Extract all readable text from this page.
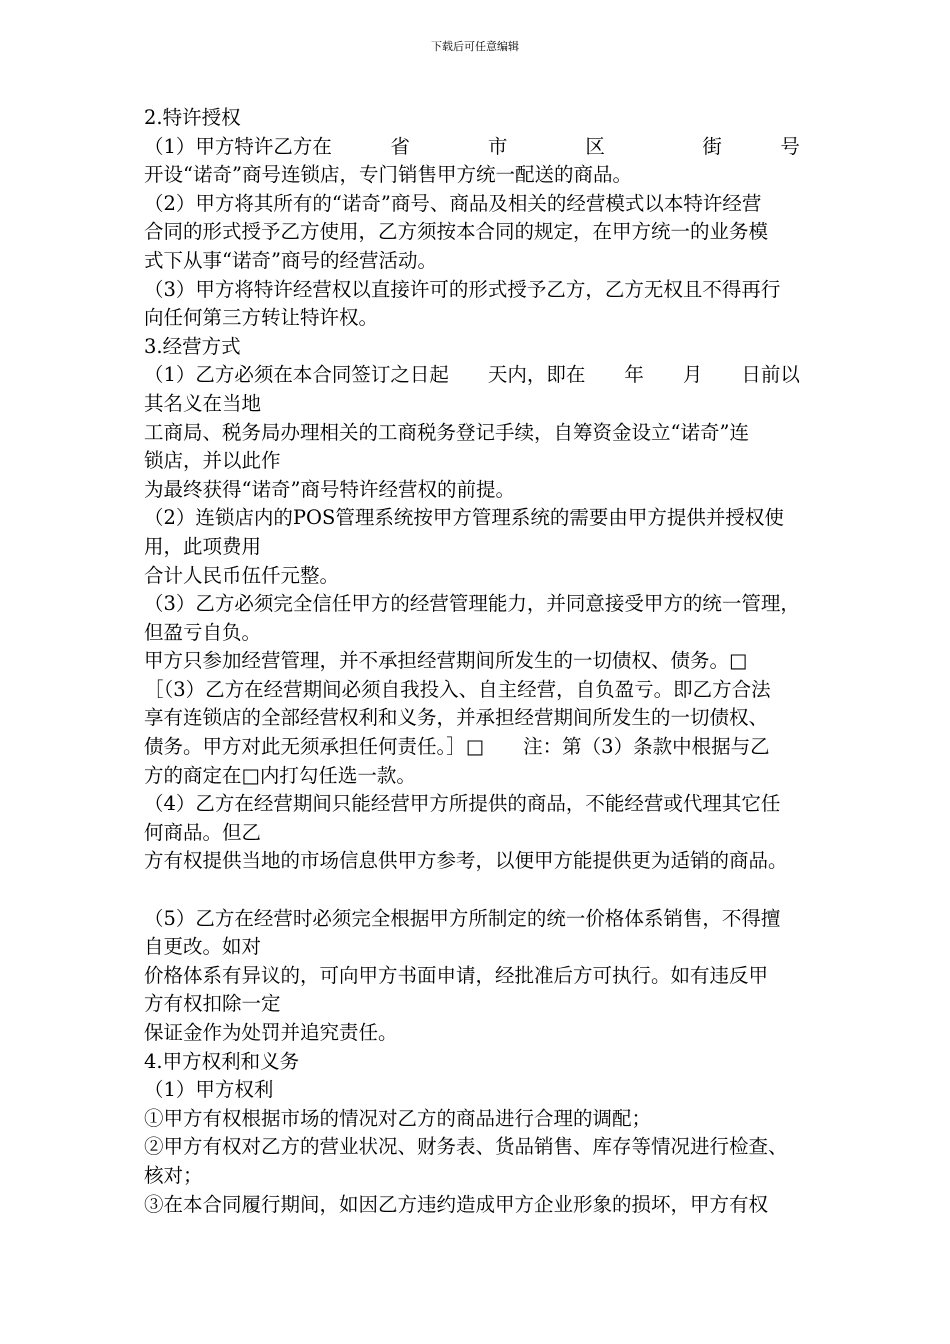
下载后可任意编辑
2.特许授权
（1）甲方特许乙方在　　　省　　　　市　　　　区　　　　　街　　　号
开设“诺奇”商号连锁店，专门销售甲方统一配送的商品。
（2）甲方将其所有的“诺奇”商号、商品及相关的经营模式以本特许经营
合同的形式授予乙方使用，乙方须按本合同的规定，在甲方统一的业务模
式下从事“诺奇”商号的经营活动。
（3）甲方将特许经营权以直接许可的形式授予乙方，乙方无权且不得再行
向任何第三方转让特许权。
3.经营方式
（1）乙方必须在本合同签订之日起　　天内，即在　　年　　月　　日前以
其名义在当地
工商局、税务局办理相关的工商税务登记手续，自筹资金设立“诺奇”连
锁店，并以此作
为最终获得“诺奇”商号特许经营权的前提。
（2）连锁店内的POS管理系统按甲方管理系统的需要由甲方提供并授权使
用，此项费用
合计人民币伍仟元整。
（3）乙方必须完全信任甲方的经营管理能力，并同意接受甲方的统一管理，
但盈亏自负。
甲方只参加经营管理，并不承担经营期间所发生的一切债权、债务。□
［（3）乙方在经营期间必须自我投入、自主经营，自负盈亏。即乙方合法
享有连锁店的全部经营权利和义务，并承担经营期间所发生的一切债权、
债务。甲方对此无须承担任何责任。］□　　注：第（3）条款中根据与乙
方的商定在□内打勾任选一款。
（4）乙方在经营期间只能经营甲方所提供的商品，不能经营或代理其它任
何商品。但乙
方有权提供当地的市场信息供甲方参考，以便甲方能提供更为适销的商品。
（5）乙方在经营时必须完全根据甲方所制定的统一价格体系销售，不得擅
自更改。如对
价格体系有异议的，可向甲方书面申请，经批准后方可执行。如有违反甲
方有权扣除一定
保证金作为处罚并追究责任。
4.甲方权利和义务
（1）甲方权利
①甲方有权根据市场的情况对乙方的商品进行合理的调配；
②甲方有权对乙方的营业状况、财务表、货品销售、库存等情况进行检查、
核对；
③在本合同履行期间，如因乙方违约造成甲方企业形象的损坏，甲方有权
